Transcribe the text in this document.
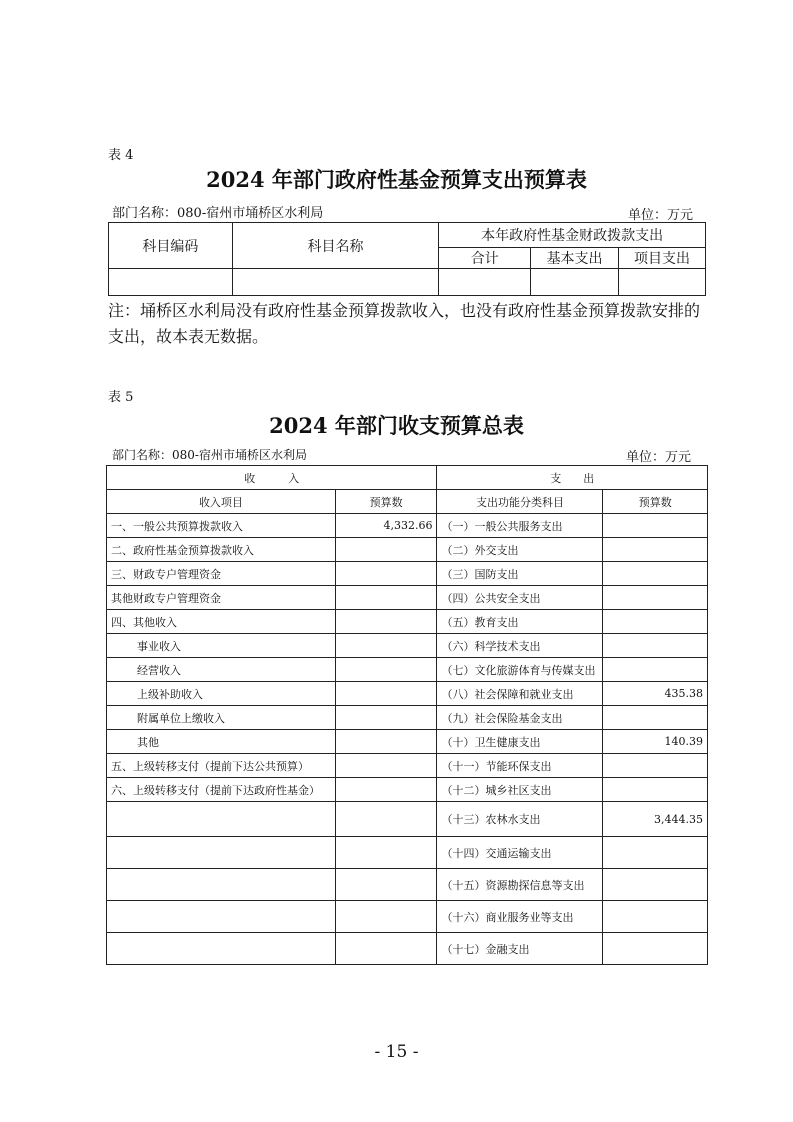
表 4
2024 年部门政府性基金预算支出预算表
部门名称：080-宿州市埇桥区水利局	单位：万元
科目编码	科目名称	本年政府性基金财政拨款支出		
		合计	基本支出	项目支出

注：埇桥区水利局没有政府性基金预算拨款收入，也没有政府性基金预算拨款安排的支出，故本表无数据。
表 5
2024 年部门收支预算总表
部门名称：080-宿州市埇桥区水利局	单位：万元
收　　　入		支　　出	
收入项目	预算数	支出功能分类科目	预算数
一、一般公共预算拨款收入	4,332.66	（一）一般公共服务支出	
二、政府性基金预算拨款收入		（二）外交支出	
三、财政专户管理资金		（三）国防支出	
其他财政专户管理资金		（四）公共安全支出	
四、其他收入		（五）教育支出	
事业收入		（六）科学技术支出	
经营收入		（七）文化旅游体育与传媒支出	
上级补助收入		（八）社会保障和就业支出	435.38
附属单位上缴收入		（九）社会保险基金支出	
其他		（十）卫生健康支出	140.39
五、上级转移支付（提前下达公共预算）		（十一）节能环保支出	
六、上级转移支付（提前下达政府性基金）		（十二）城乡社区支出	
		（十三）农林水支出	3,444.35
		（十四）交通运输支出	
		（十五）资源勘探信息等支出	
		（十六）商业服务业等支出	
		（十七）金融支出	
- 15 -
